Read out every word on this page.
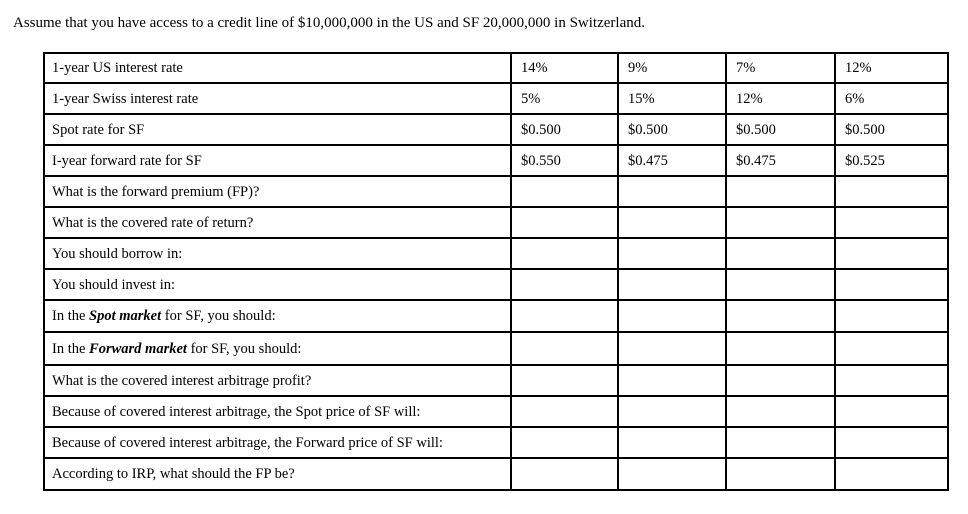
Assume that you have access to a credit line of $10,000,000 in the US and SF 20,000,000 in Switzerland.
1-year US interest rate	14%	9%	7%	12%
1-year Swiss interest rate	5%	15%	12%	6%
Spot rate for SF	$0.500	$0.500	$0.500	$0.500
I-year forward rate for SF	$0.550	$0.475	$0.475	$0.525
What is the forward premium (FP)?				
What is the covered rate of return?				
You should borrow in:				
You should invest in:				
In the Spot market for SF, you should:				
In the Forward market for SF, you should:				
What is the covered interest arbitrage profit?				
Because of covered interest arbitrage, the Spot price of SF will:				
Because of covered interest arbitrage, the Forward price of SF will:				
According to IRP, what should the FP be?				
